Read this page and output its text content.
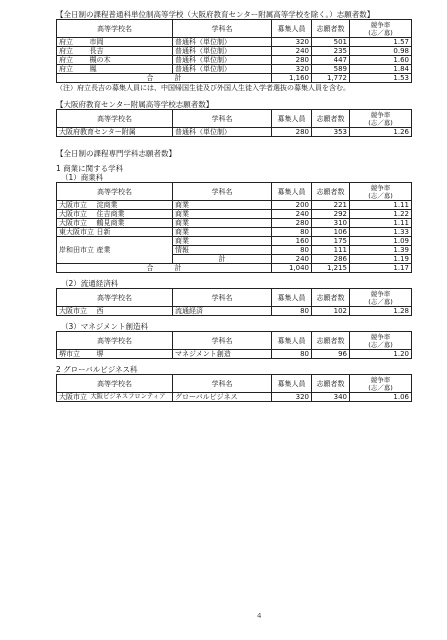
【全日制の課程普通科単位制高等学校（大阪府教育センター附属高等学校を除く。）志願者数】
高等学校名		学科名	募集人員	志願者数	競争率
(志／募)
府立	市岡	普通科（単位制）	320	501	1.57
府立	長吉	普通科（単位制）	240	235	0.98
府立	槻の木	普通科（単位制）	280	447	1.60
府立	鳳	普通科（単位制）	320	589	1.84
合　　　計			1,160	1,772	1.53
（注）府立長吉の募集人員には、中国帰国生徒及び外国人生徒入学者選抜の募集人員を含む。
【大阪府教育センター附属高等学校志願者数】
高等学校名	学科名	募集人員	志願者数	競争率
(志／募)
大阪府教育センター附属	普通科（単位制）	280	353	1.26
【全日制の課程専門学科志願者数】
1 商業に関する学科
（1）商業科
高等学校名		学科名	募集人員	志願者数	競争率
(志／募)
大阪市立	淀商業	商業	200	221	1.11
大阪市立	住吉商業	商業	240	292	1.22
大阪市立	鶴見商業	商業	280	310	1.11
東大阪市立	日新	商業	80	106	1.33
岸和田市立	産業	商業	160	175	1.09
		情報	80	111	1.39
		計	240	286	1.19
合　　　計			1,040	1,215	1.17
（2）流通経済科
高等学校名		学科名	募集人員	志願者数	競争率
(志／募)
大阪市立	西	流通経済	80	102	1.28
（3）マネジメント創造科
高等学校名		学科名	募集人員	志願者数	競争率
(志／募)
堺市立	堺	マネジメント創造	80	96	1.20
2 グローバルビジネス科
高等学校名		学科名	募集人員	志願者数	競争率
(志／募)
大阪市立	大阪ビジネスフロンティア	グローバルビジネス	320	340	1.06
4
